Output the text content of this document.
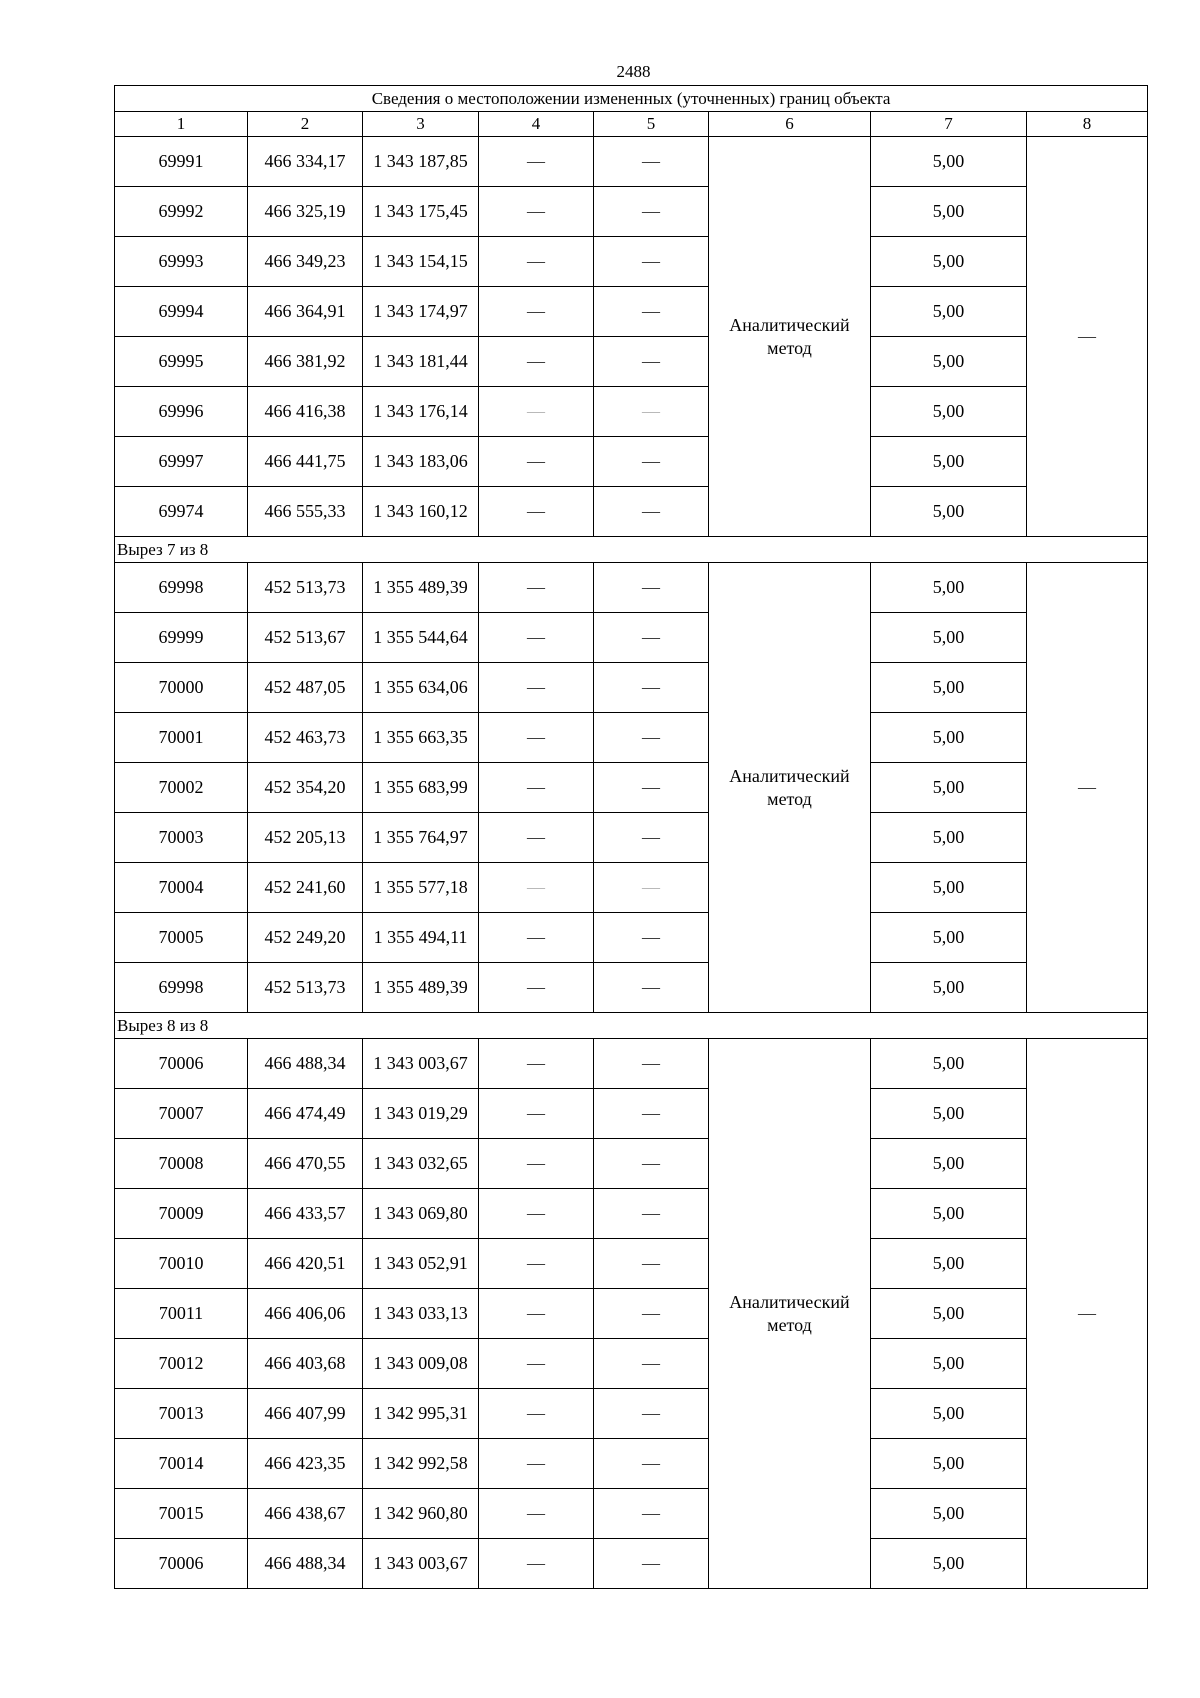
2488
Сведения о местоположении измененных (уточненных) границ объекта							
1	2	3	4	5	6	7	8
69991	466 334,17	1 343 187,85	—	—	Аналитический метод	5,00	—
69992	466 325,19	1 343 175,45	—	—		5,00	
69993	466 349,23	1 343 154,15	—	—		5,00	
69994	466 364,91	1 343 174,97	—	—		5,00	
69995	466 381,92	1 343 181,44	—	—		5,00	
69996	466 416,38	1 343 176,14	—	—		5,00	
69997	466 441,75	1 343 183,06	—	—		5,00	
69974	466 555,33	1 343 160,12	—	—		5,00	
Вырез 7 из 8							
69998	452 513,73	1 355 489,39	—	—	Аналитический метод	5,00	—
69999	452 513,67	1 355 544,64	—	—		5,00	
70000	452 487,05	1 355 634,06	—	—		5,00	
70001	452 463,73	1 355 663,35	—	—		5,00	
70002	452 354,20	1 355 683,99	—	—		5,00	
70003	452 205,13	1 355 764,97	—	—		5,00	
70004	452 241,60	1 355 577,18	—	—		5,00	
70005	452 249,20	1 355 494,11	—	—		5,00	
69998	452 513,73	1 355 489,39	—	—		5,00	
Вырез 8 из 8							
70006	466 488,34	1 343 003,67	—	—	Аналитический метод	5,00	—
70007	466 474,49	1 343 019,29	—	—		5,00	
70008	466 470,55	1 343 032,65	—	—		5,00	
70009	466 433,57	1 343 069,80	—	—		5,00	
70010	466 420,51	1 343 052,91	—	—		5,00	
70011	466 406,06	1 343 033,13	—	—		5,00	
70012	466 403,68	1 343 009,08	—	—		5,00	
70013	466 407,99	1 342 995,31	—	—		5,00	
70014	466 423,35	1 342 992,58	—	—		5,00	
70015	466 438,67	1 342 960,80	—	—		5,00	
70006	466 488,34	1 343 003,67	—	—		5,00	
